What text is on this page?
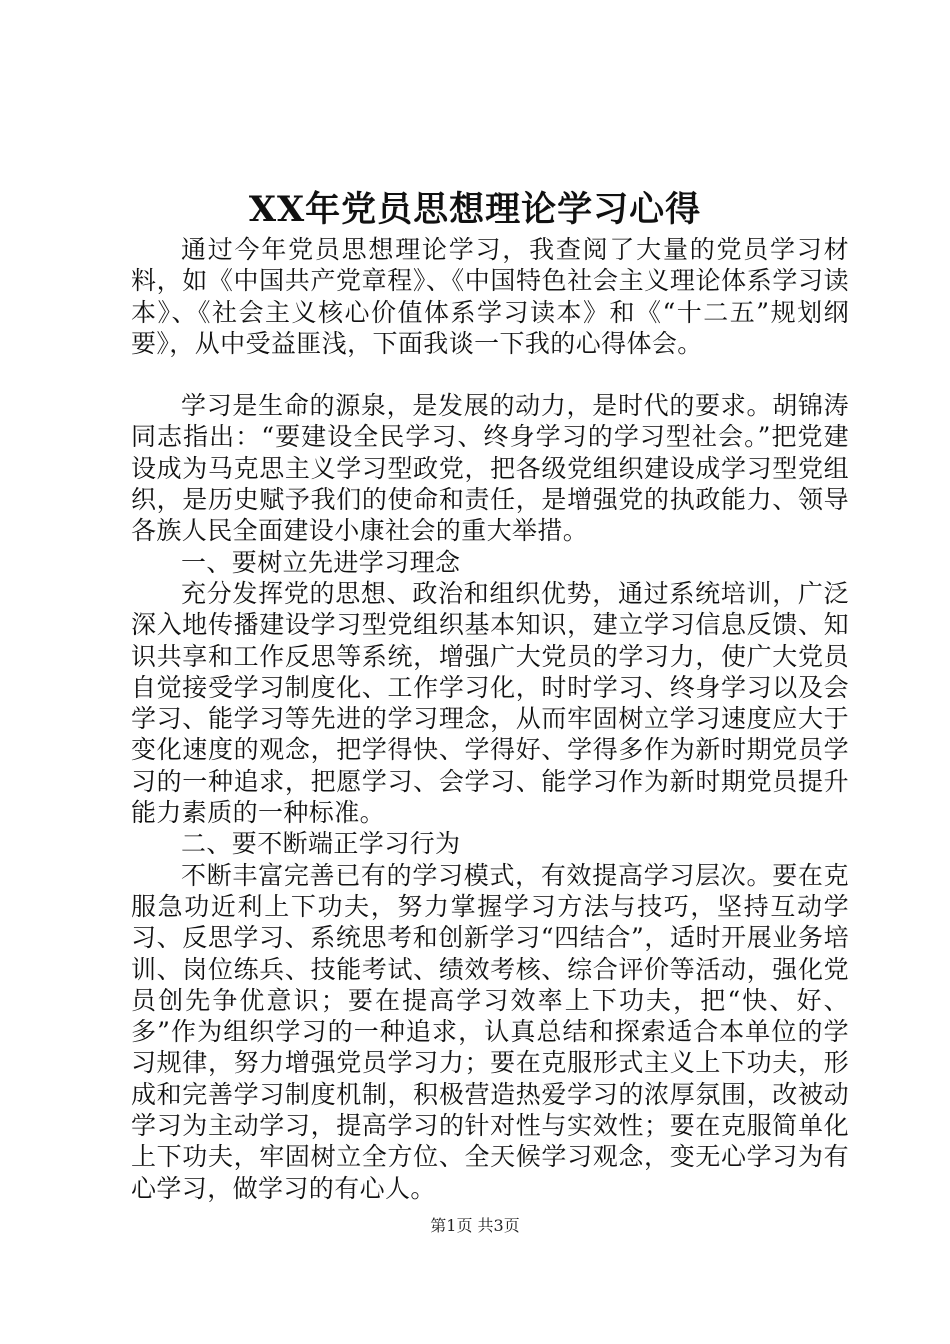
XX年党员思想理论学习心得

通过今年党员思想理论学习，我查阅了大量的党员学习材料，如《中国共产党章程》、《中国特色社会主义理论体系学习读本》、《社会主义核心价值体系学习读本》和《“十二五”规划纲要》，从中受益匪浅，下面我谈一下我的心得体会。

学习是生命的源泉，是发展的动力，是时代的要求。胡锦涛同志指出：“要建设全民学习、终身学习的学习型社会。”把党建设成为马克思主义学习型政党，把各级党组织建设成学习型党组织，是历史赋予我们的使命和责任，是增强党的执政能力、领导各族人民全面建设小康社会的重大举措。

一、要树立先进学习理念

充分发挥党的思想、政治和组织优势，通过系统培训，广泛深入地传播建设学习型党组织基本知识，建立学习信息反馈、知识共享和工作反思等系统，增强广大党员的学习力，使广大党员自觉接受学习制度化、工作学习化，时时学习、终身学习以及会学习、能学习等先进的学习理念，从而牢固树立学习速度应大于变化速度的观念，把学得快、学得好、学得多作为新时期党员学习的一种追求，把愿学习、会学习、能学习作为新时期党员提升能力素质的一种标准。

二、要不断端正学习行为

不断丰富完善已有的学习模式，有效提高学习层次。要在克服急功近利上下功夫，努力掌握学习方法与技巧，坚持互动学习、反思学习、系统思考和创新学习“四结合”，适时开展业务培训、岗位练兵、技能考试、绩效考核、综合评价等活动，强化党员创先争优意识；要在提高学习效率上下功夫，把“快、好、多”作为组织学习的一种追求，认真总结和探索适合本单位的学习规律，努力增强党员学习力；要在克服形式主义上下功夫，形成和完善学习制度机制，积极营造热爱学习的浓厚氛围，改被动学习为主动学习，提高学习的针对性与实效性；要在克服简单化上下功夫，牢固树立全方位、全天候学习观念，变无心学习为有心学习，做学习的有心人。

第1页 共3页
